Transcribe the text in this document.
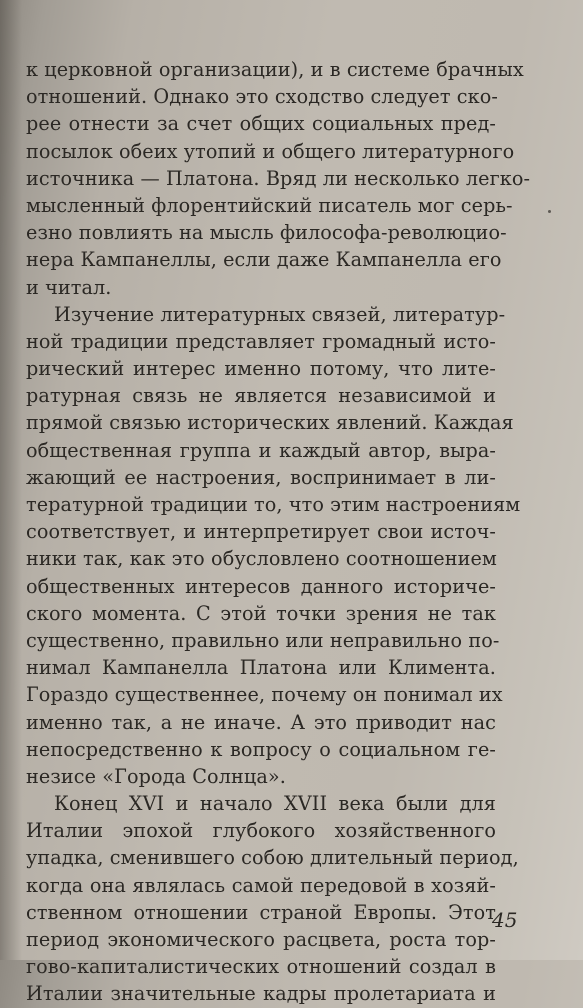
к церковной организации), и в системе брачных
отношений. Однако это сходство следует ско-
рее отнести за счет общих социальных пред-
посылок обеих утопий и общего литературного
источника — Платона. Вряд ли несколько легко-
мысленный флорентийский писатель мог серь-
езно повлиять на мысль философа-революцио-
нера Кампанеллы, если даже Кампанелла его
и читал.
Изучение литературных связей, литератур-
ной традиции представляет громадный исто-
рический интерес именно потому, что лите-
ратурная связь не является независимой и
прямой связью исторических явлений. Каждая
общественная группа и каждый автор, выра-
жающий ее настроения, воспринимает в ли-
тературной традиции то, что этим настроениям
соответствует, и интерпретирует свои источ-
ники так, как это обусловлено соотношением
общественных интересов данного историче-
ского момента. С этой точки зрения не так
существенно, правильно или неправильно по-
нимал Кампанелла Платона или Климента.
Гораздо существеннее, почему он понимал их
именно так, а не иначе. А это приводит нас
непосредственно к вопросу о социальном ге-
незисе «Города Солнца».
Конец XVI и начало XVII века были для
Италии эпохой глубокого хозяйственного
упадка, сменившего собою длительный период,
когда она являлась самой передовой в хозяй-
ственном отношении страной Европы. Этот
период экономического расцвета, роста тор-
гово-капиталистических отношений создал в
Италии значительные кадры пролетариата и
45
